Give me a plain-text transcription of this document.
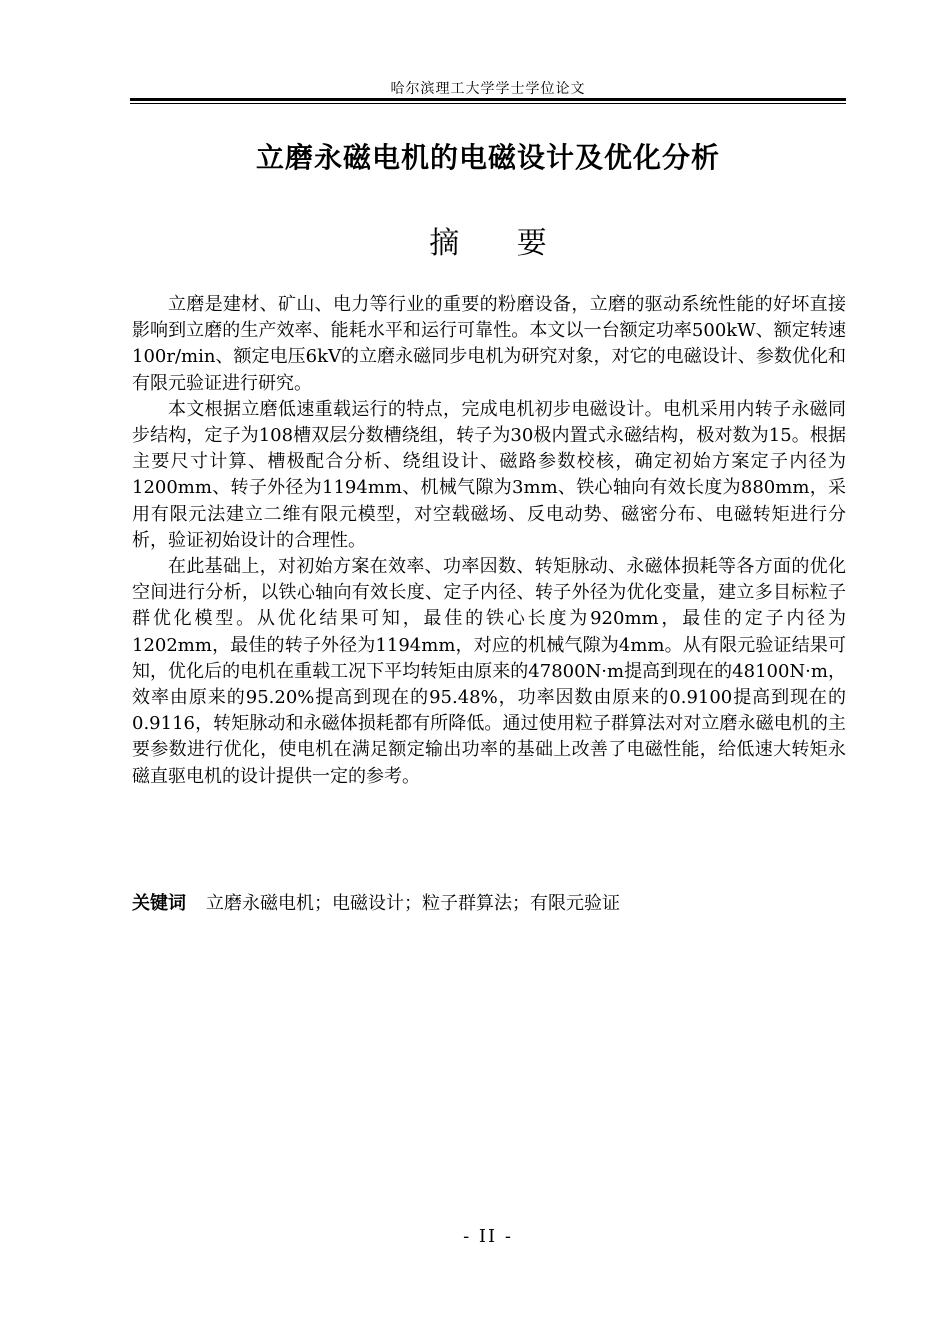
哈尔滨理工大学学士学位论文
立磨永磁电机的电磁设计及优化分析
摘 要

立磨是建材、矿山、电力等行业的重要的粉磨设备，立磨的驱动系统性能的好坏直接影响到立磨的生产效率、能耗水平和运行可靠性。本文以一台额定功率500kW、额定转速100r/min、额定电压6kV的立磨永磁同步电机为研究对象，对它的电磁设计、参数优化和有限元验证进行研究。

本文根据立磨低速重载运行的特点，完成电机初步电磁设计。电机采用内转子永磁同步结构，定子为108槽双层分数槽绕组，转子为30极内置式永磁结构，极对数为15。根据主要尺寸计算、槽极配合分析、绕组设计、磁路参数校核，确定初始方案定子内径为1200mm、转子外径为1194mm、机械气隙为3mm、铁心轴向有效长度为880mm，采用有限元法建立二维有限元模型，对空载磁场、反电动势、磁密分布、电磁转矩进行分析，验证初始设计的合理性。

在此基础上，对初始方案在效率、功率因数、转矩脉动、永磁体损耗等各方面的优化空间进行分析，以铁心轴向有效长度、定子内径、转子外径为优化变量，建立多目标粒子群优化模型。从优化结果可知，最佳的铁心长度为920mm，最佳的定子内径为1202mm，最佳的转子外径为1194mm，对应的机械气隙为4mm。从有限元验证结果可知，优化后的电机在重载工况下平均转矩由原来的47800N·m提高到现在的48100N·m，效率由原来的95.20%提高到现在的95.48%，功率因数由原来的0.9100提高到现在的0.9116，转矩脉动和永磁体损耗都有所降低。通过使用粒子群算法对对立磨永磁电机的主要参数进行优化，使电机在满足额定输出功率的基础上改善了电磁性能，给低速大转矩永磁直驱电机的设计提供一定的参考。

关键词 立磨永磁电机；电磁设计；粒子群算法；有限元验证
- II -
